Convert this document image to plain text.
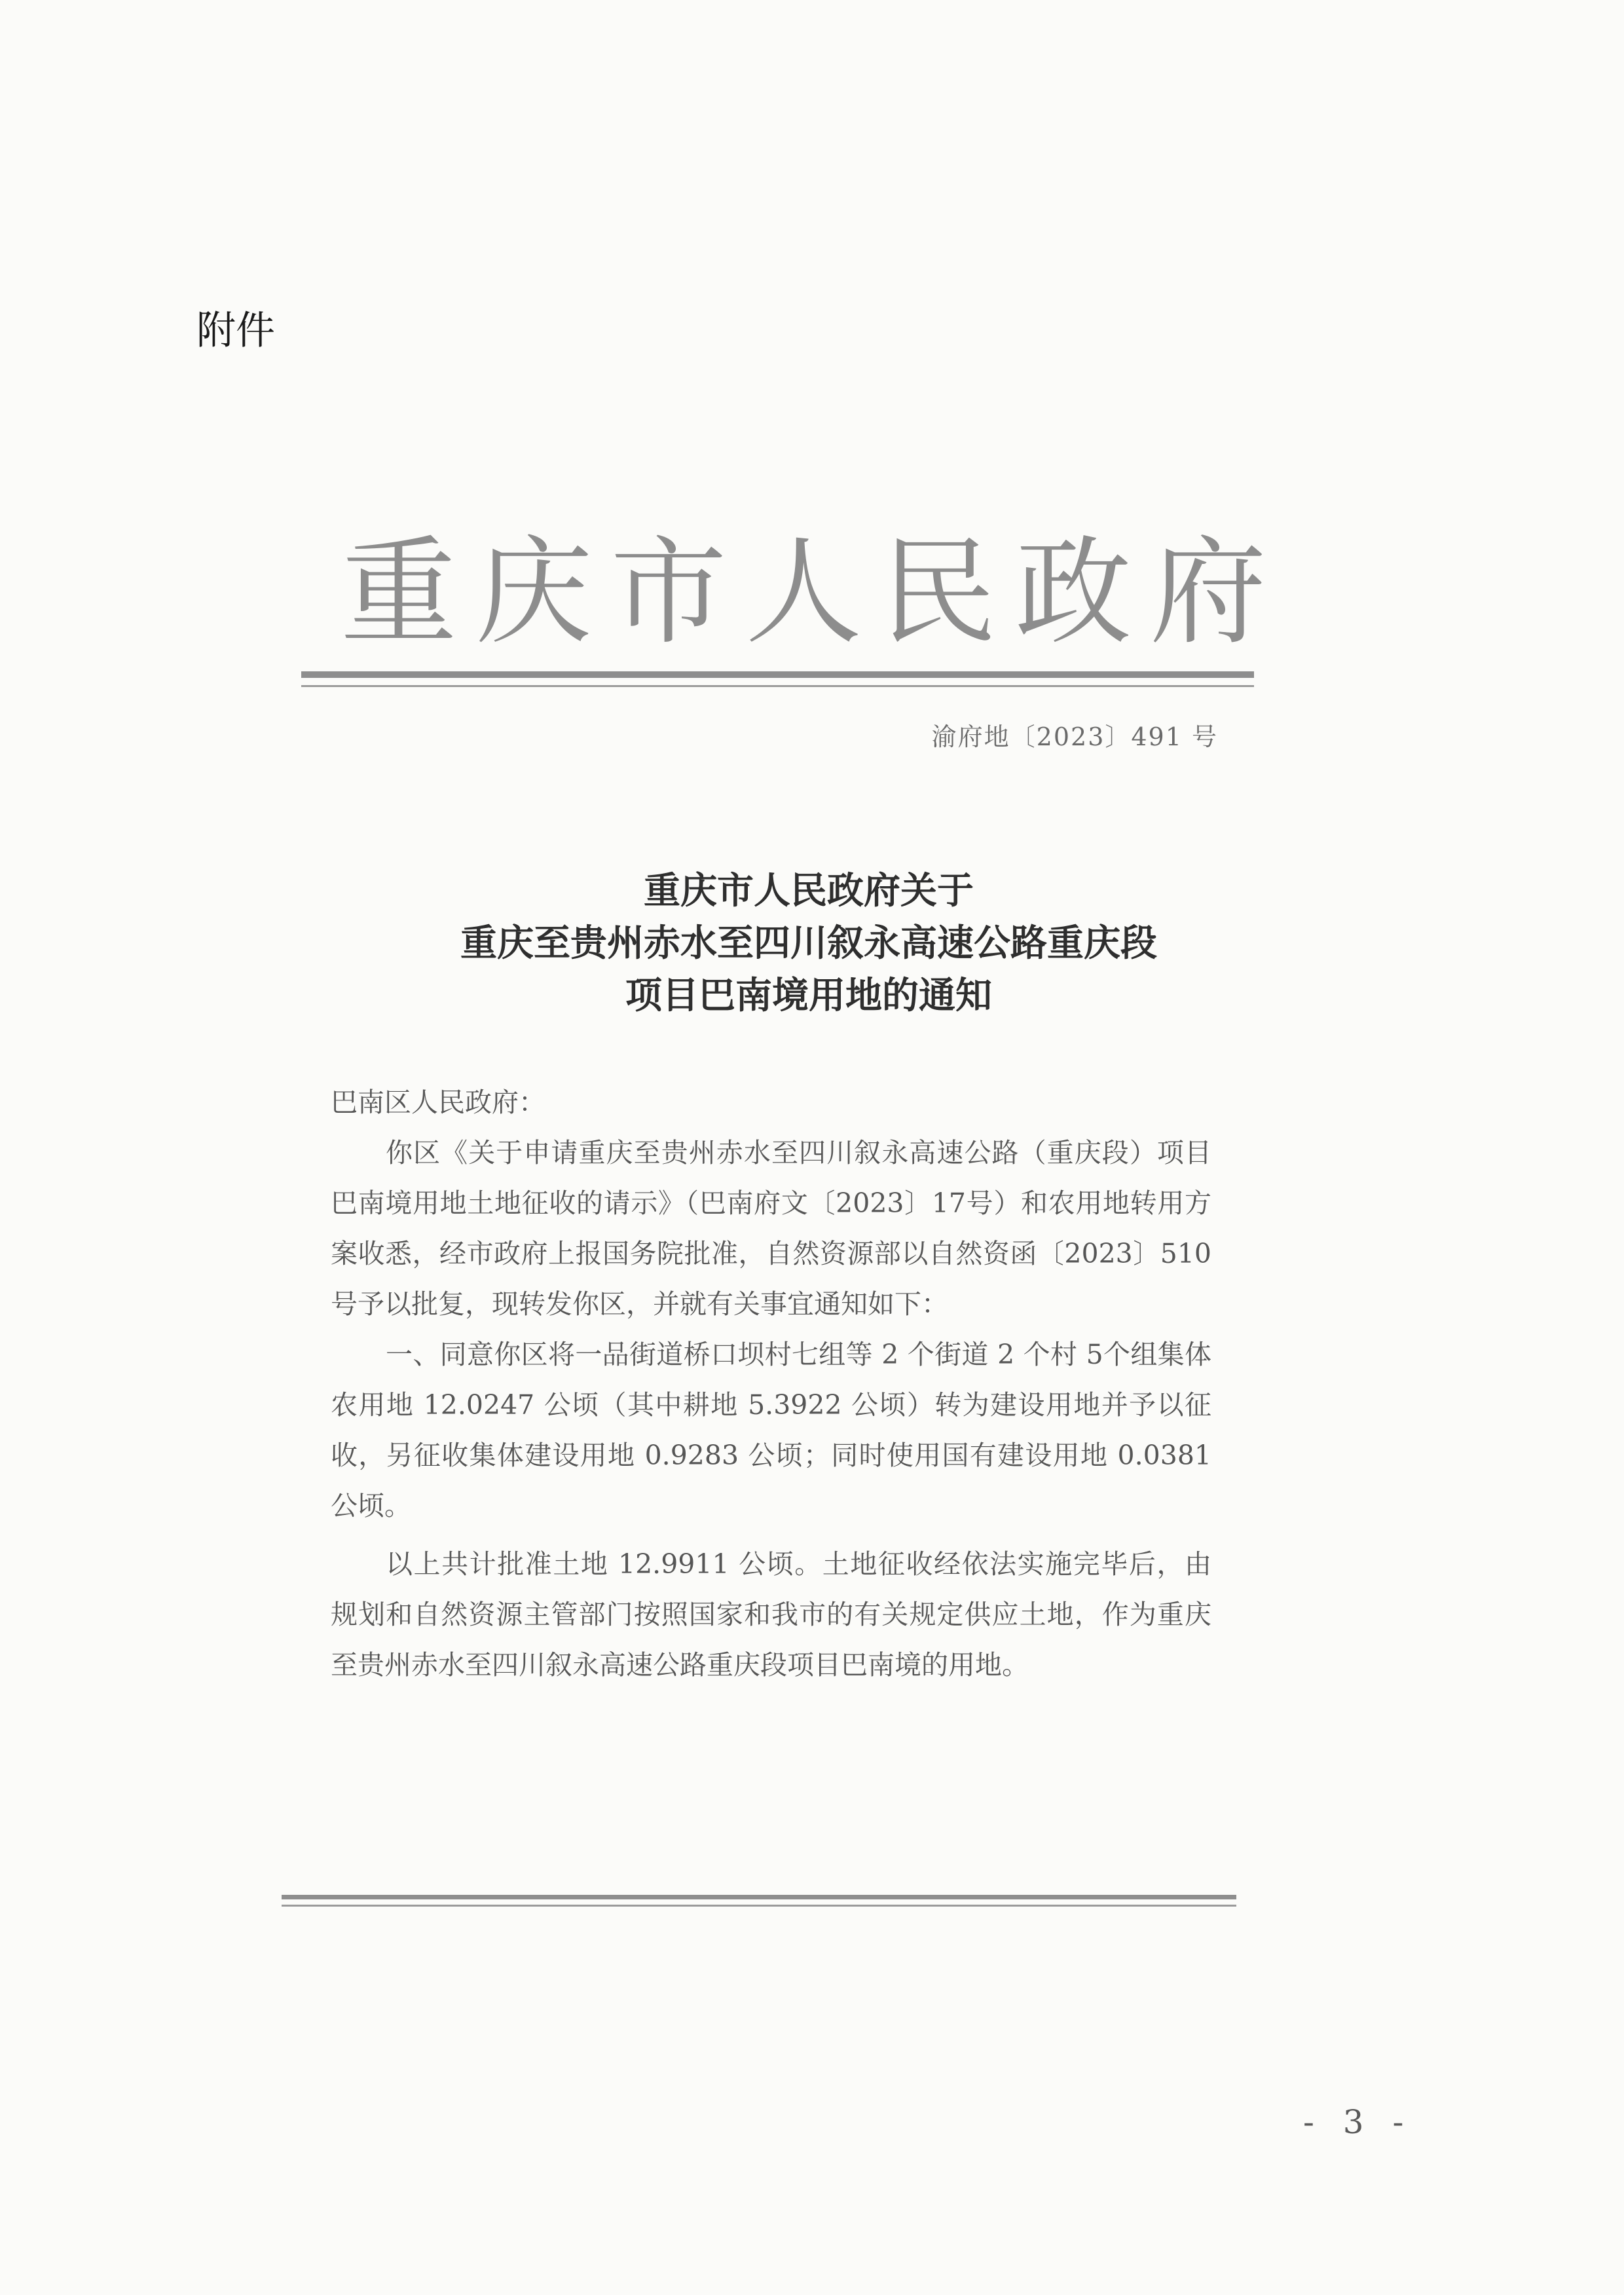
附件
重庆市人民政府
渝府地〔2023〕491 号
重庆市人民政府关于
重庆至贵州赤水至四川叙永高速公路重庆段
项目巴南境用地的通知

巴南区人民政府：

你区《关于申请重庆至贵州赤水至四川叙永高速公路（重庆段）项目巴南境用地土地征收的请示》（巴南府文〔2023〕17号）和农用地转用方案收悉，经市政府上报国务院批准，自然资源部以自然资函〔2023〕510 号予以批复，现转发你区，并就有关事宜通知如下：

一、同意你区将一品街道桥口坝村七组等 2 个街道 2 个村 5个组集体农用地 12.0247 公顷（其中耕地 5.3922 公顷）转为建设用地并予以征收，另征收集体建设用地 0.9283 公顷；同时使用国有建设用地 0.0381 公顷。

以上共计批准土地 12.9911 公顷。土地征收经依法实施完毕后，由规划和自然资源主管部门按照国家和我市的有关规定供应土地，作为重庆至贵州赤水至四川叙永高速公路重庆段项目巴南境的用地。

- 3 -
